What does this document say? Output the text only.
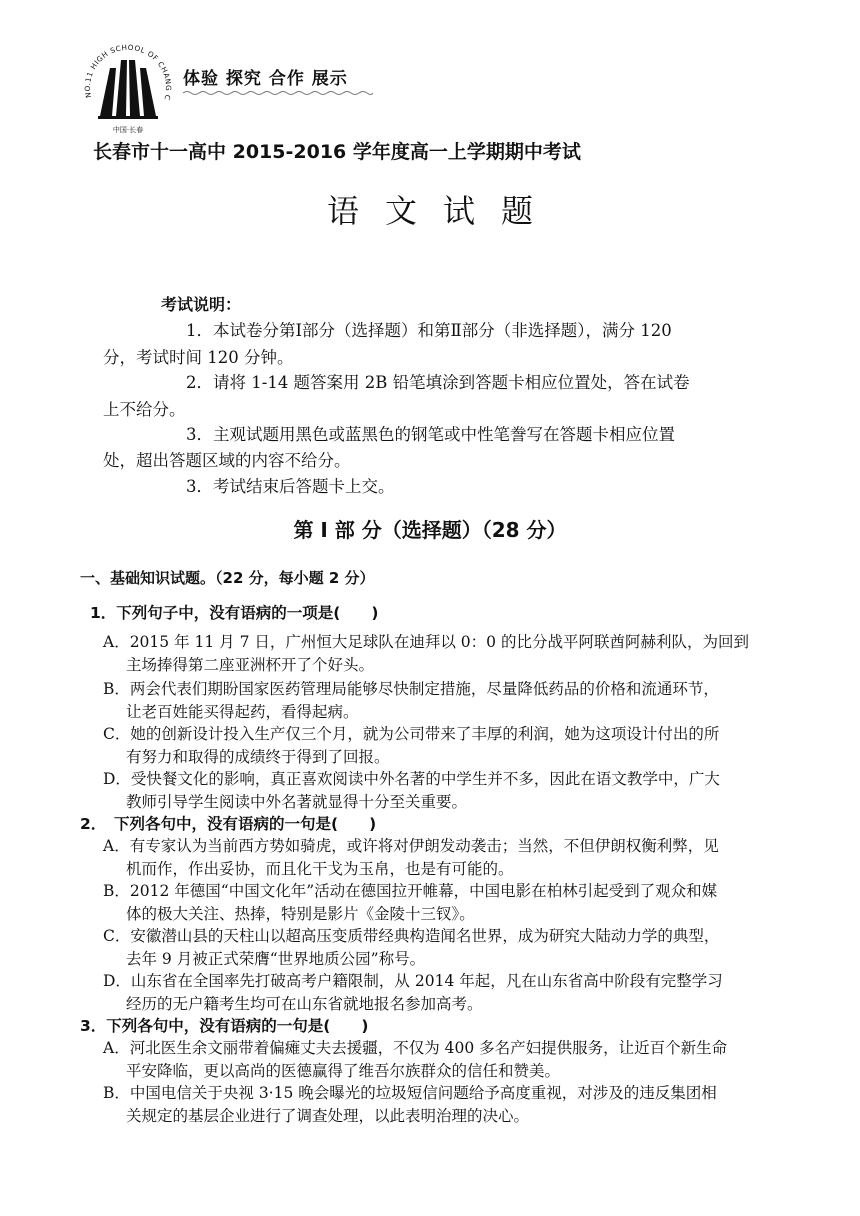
NO.11 HIGH SCHOOL OF CHANG C
中国·长春
体验 探究 合作 展示
长春市十一高中 2015-2016 学年度高一上学期期中考试
语文试题
考试说明：
1．本试卷分第Ⅰ部分（选择题）和第Ⅱ部分（非选择题），满分 120
分，考试时间 120 分钟。
2．请将 1-14 题答案用 2B 铅笔填涂到答题卡相应位置处，答在试卷
上不给分。
3．主观试题用黑色或蓝黑色的钢笔或中性笔誊写在答题卡相应位置
处，超出答题区域的内容不给分。
3．考试结束后答题卡上交。
第 Ⅰ 部 分（选择题）（28 分）
一、基础知识试题。（22 分，每小题 2 分）
1．下列句子中，没有语病的一项是(　　)
A．2015 年 11 月 7 日，广州恒大足球队在迪拜以 0：0 的比分战平阿联酋阿赫利队，为回到
主场捧得第二座亚洲杯开了个好头。
B．两会代表们期盼国家医药管理局能够尽快制定措施，尽量降低药品的价格和流通环节，
让老百姓能买得起药，看得起病。
C．她的创新设计投入生产仅三个月，就为公司带来了丰厚的利润，她为这项设计付出的所
有努力和取得的成绩终于得到了回报。
D．受快餐文化的影响，真正喜欢阅读中外名著的中学生并不多，因此在语文教学中，广大
教师引导学生阅读中外名著就显得十分至关重要。
2．　下列各句中，没有语病的一句是(　　)
A．有专家认为当前西方势如骑虎，或许将对伊朗发动袭击；当然，不但伊朗权衡利弊，见
机而作，作出妥协，而且化干戈为玉帛，也是有可能的。
B．2012 年德国“中国文化年”活动在德国拉开帷幕，中国电影在柏林引起受到了观众和媒
体的极大关注、热捧，特别是影片《金陵十三钗》。
C．安徽潜山县的天柱山以超高压变质带经典构造闻名世界，成为研究大陆动力学的典型，
去年 9 月被正式荣膺“世界地质公园”称号。
D．山东省在全国率先打破高考户籍限制，从 2014 年起，凡在山东省高中阶段有完整学习
经历的无户籍考生均可在山东省就地报名参加高考。
3．下列各句中，没有语病的一句是(　　)
A．河北医生余文丽带着偏瘫丈夫去援疆，不仅为 400 多名产妇提供服务，让近百个新生命
平安降临，更以高尚的医德赢得了维吾尔族群众的信任和赞美。
B．中国电信关于央视 3·15 晚会曝光的垃圾短信问题给予高度重视，对涉及的违反集团相
关规定的基层企业进行了调查处理，以此表明治理的决心。
